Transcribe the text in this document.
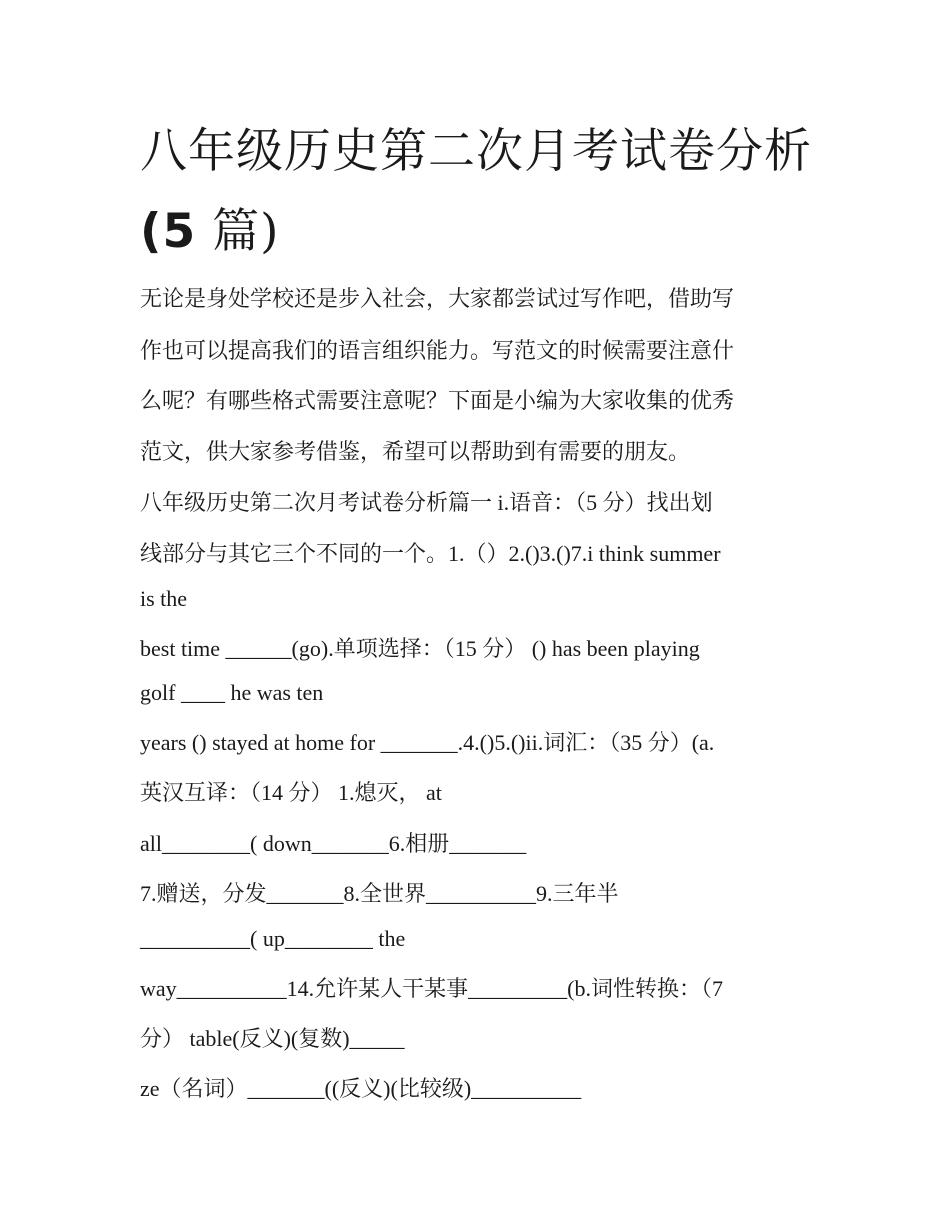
八年级历史第二次月考试卷分析(5 篇)

无论是身处学校还是步入社会，大家都尝试过写作吧，借助写

作也可以提高我们的语言组织能力。写范文的时候需要注意什

么呢？有哪些格式需要注意呢？下面是小编为大家收集的优秀

范文，供大家参考借鉴，希望可以帮助到有需要的朋友。

八年级历史第二次月考试卷分析篇一 i.语音：（5 分）找出划

线部分与其它三个不同的一个。1.（）2.()3.()7.i think summer

is the

best time ______(go).单项选择：（15 分） () has been playing

golf ____ he was ten

years () stayed at home for _______.4.()5.()ii.词汇：（35 分）(a.

英汉互译：（14 分） 1.熄灭， at

all________( down_______6.相册_______

7.赠送，分发_______8.全世界__________9.三年半

__________( up________ the

way__________14.允许某人干某事_________(b.词性转换：（7

分） table(反义)(复数)_____

ze（名词）_______((反义)(比较级)__________
